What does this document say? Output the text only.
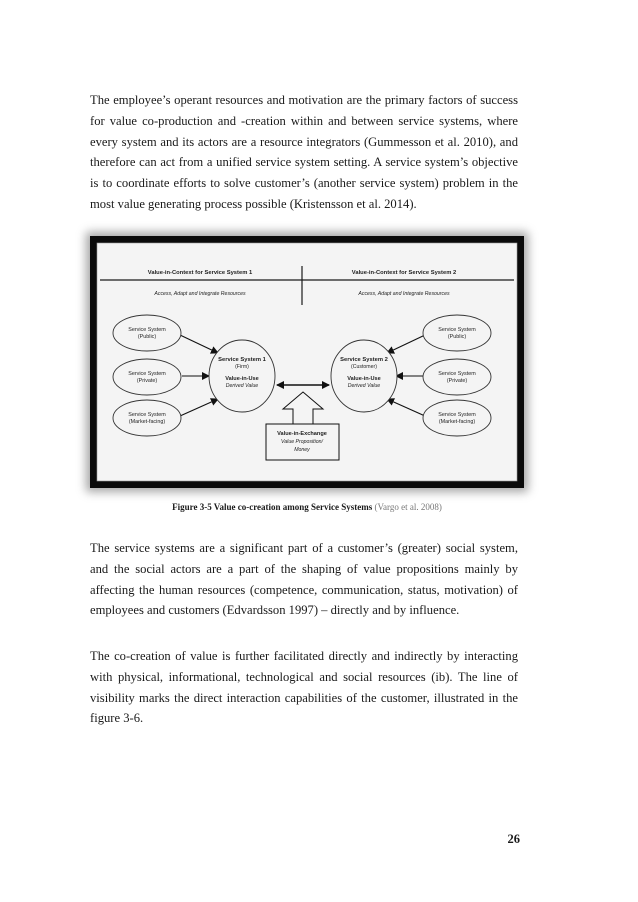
The employee’s operant resources and motivation are the primary factors of success for value co-production and -creation within and between service systems, where every system and its actors are a resource integrators (Gummesson et al. 2010), and therefore can act from a unified service system setting. A service system’s objective is to coordinate efforts to solve customer’s (another service system) problem in the most value generating process possible (Kristensson et al. 2014).

Value-in-Context for Service System 1	Value-in-Context for Service System 2
Access, Adapt and Integrate Resources	Access, Adapt and Integrate Resources
Service System
(Public)
Service System
(Private)
Service System
(Market-facing)
Service System
(Public)
Service System
(Private)
Service System
(Market-facing)
Service System 1
(Firm)
Value-in-Use
Derived Value
Service System 2
(Customer)
Value-in-Use
Derived Value
Value-in-Exchange
Value Proposition/
Money

Figure 3-5 Value co-creation among Service Systems (Vargo et al. 2008)

The service systems are a significant part of a customer’s (greater) social system, and the social actors are a part of the shaping of value propositions mainly by affecting the human resources (competence, communication, status, motivation) of employees and customers (Edvardsson 1997) – directly and by influence.

The co-creation of value is further facilitated directly and indirectly by interacting with physical, informational, technological and social resources (ib). The line of visibility marks the direct interaction capabilities of the customer, illustrated in the figure 3-6.

26
